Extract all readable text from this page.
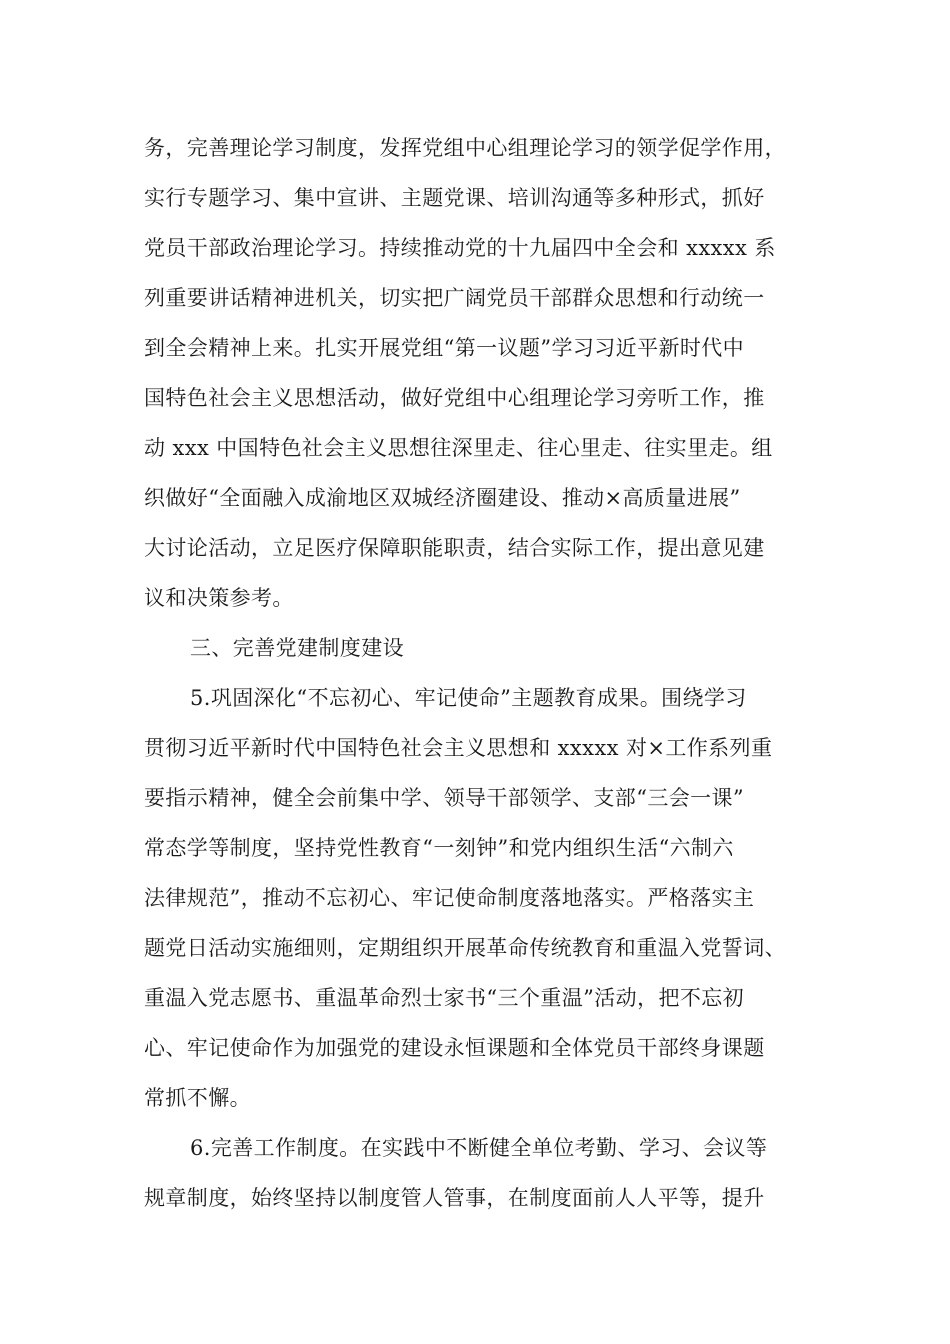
务，完善理论学习制度，发挥党组中心组理论学习的领学促学作用，
实行专题学习、集中宣讲、主题党课、培训沟通等多种形式，抓好
党员干部政治理论学习。持续推动党的十九届四中全会和 xxxxx 系
列重要讲话精神进机关，切实把广阔党员干部群众思想和行动统一
到全会精神上来。扎实开展党组“第一议题”学习习近平新时代中
国特色社会主义思想活动，做好党组中心组理论学习旁听工作，推
动 xxx 中国特色社会主义思想往深里走、往心里走、往实里走。组
织做好“全面融入成渝地区双城经济圈建设、推动×高质量进展”
大讨论活动，立足医疗保障职能职责，结合实际工作，提出意见建
议和决策参考。
三、完善党建制度建设
5.巩固深化“不忘初心、牢记使命”主题教育成果。围绕学习
贯彻习近平新时代中国特色社会主义思想和 xxxxx 对×工作系列重
要指示精神，健全会前集中学、领导干部领学、支部“三会一课”
常态学等制度，坚持党性教育“一刻钟”和党内组织生活“六制六
法律规范”，推动不忘初心、牢记使命制度落地落实。严格落实主
题党日活动实施细则，定期组织开展革命传统教育和重温入党誓词、
重温入党志愿书、重温革命烈士家书“三个重温”活动，把不忘初
心、牢记使命作为加强党的建设永恒课题和全体党员干部终身课题
常抓不懈。
6.完善工作制度。在实践中不断健全单位考勤、学习、会议等
规章制度，始终坚持以制度管人管事，在制度面前人人平等，提升
